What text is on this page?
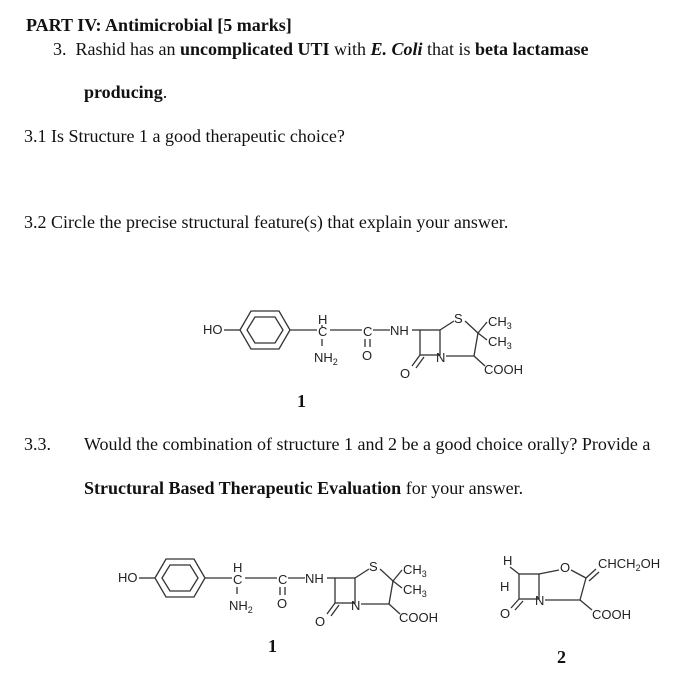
PART IV: Antimicrobial [5 marks]
3. Rashid has an uncomplicated UTI with E. Coli that is beta lactamase
producing.
3.1 Is Structure 1 a good therapeutic choice?
3.2 Circle the precise structural feature(s) that explain your answer.
HO
H
C
$NH_2$
C
O
NH
O
N
S $CH_3$
$CH_3$
COOH
1
3.3. Would the combination of structure 1 and 2 be a good choice orally? Provide a
Structural Based Therapeutic Evaluation for your answer.
HO
H
C
$NH_2$
C
O
NH
O
N
S $CH_3$
$CH_3$
COOH
1
H
H
O
N
O $CHCH_2OH$
COOH
2
